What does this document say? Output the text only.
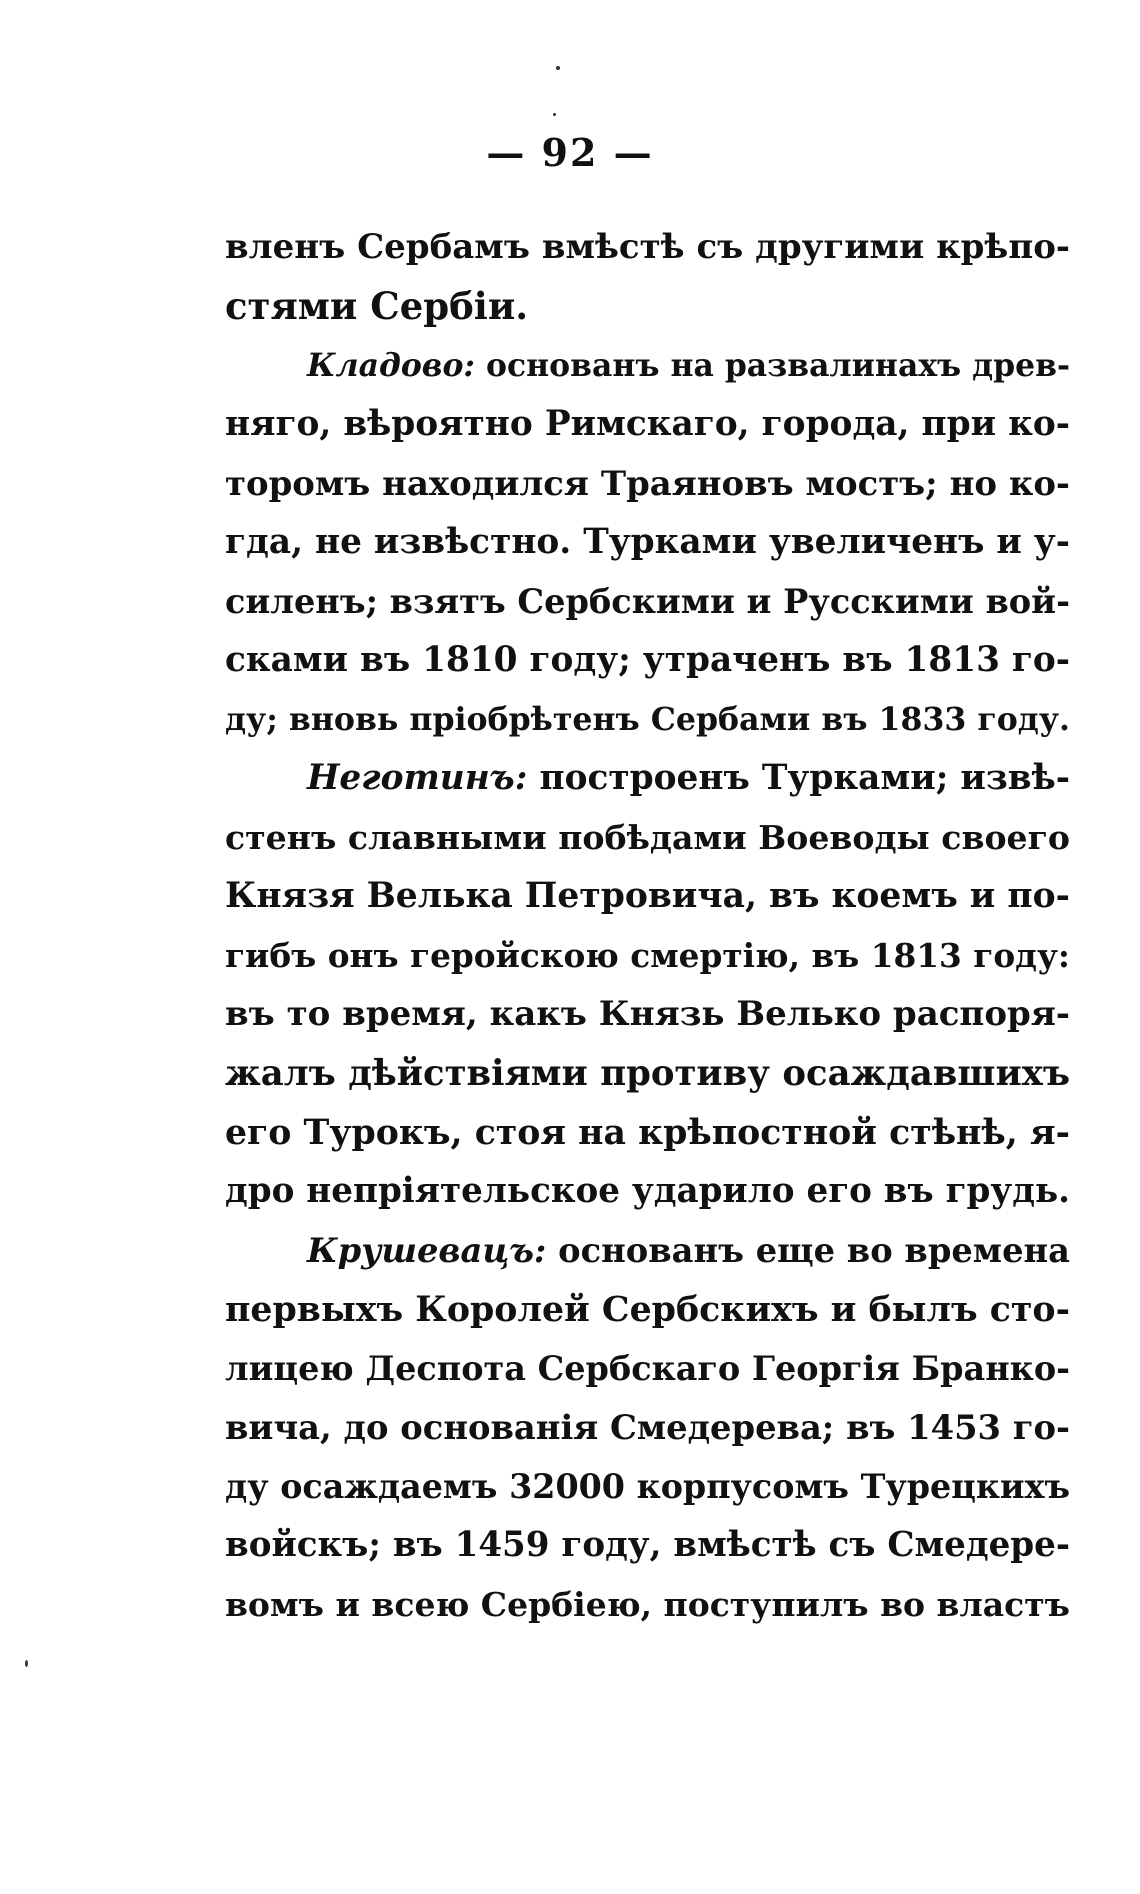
— 92 —
вленъ Сербамъ вмѣстѣ съ другими крѣпо-
стями Сербіи.
Кладово: основанъ на развалинахъ древ-
няго, вѣроятно Римскаго, города, при ко-
торомъ находился Траяновъ мостъ; но ко-
гда, не извѣстно. Турками увеличенъ и у-
силенъ; взятъ Сербскими и Русскими вой-
сками въ 1810 году; утраченъ въ 1813 го-
ду; вновь пріобрѣтенъ Сербами въ 1833 году.
Неготинъ: построенъ Турками; извѣ-
стенъ славными побѣдами Воеводы своего
Князя Велька Петровича, въ коемъ и по-
гибъ онъ геройскою смертію, въ 1813 году:
въ то время, какъ Князь Велько распоря-
жалъ дѣйствіями противу осаждавшихъ
его Турокъ, стоя на крѣпостной стѣнѣ, я-
дро непріятельское ударило его въ грудь.
Крушевацъ: основанъ еще во времена
первыхъ Королей Сербскихъ и былъ сто-
лицею Деспота Сербскаго Георгія Бранко-
вича, до основанія Смедерева; въ 1453 го-
ду осаждаемъ 32000 корпусомъ Турецкихъ
войскъ; въ 1459 году, вмѣстѣ съ Смедере-
вомъ и всею Сербіею, поступилъ во властъ
